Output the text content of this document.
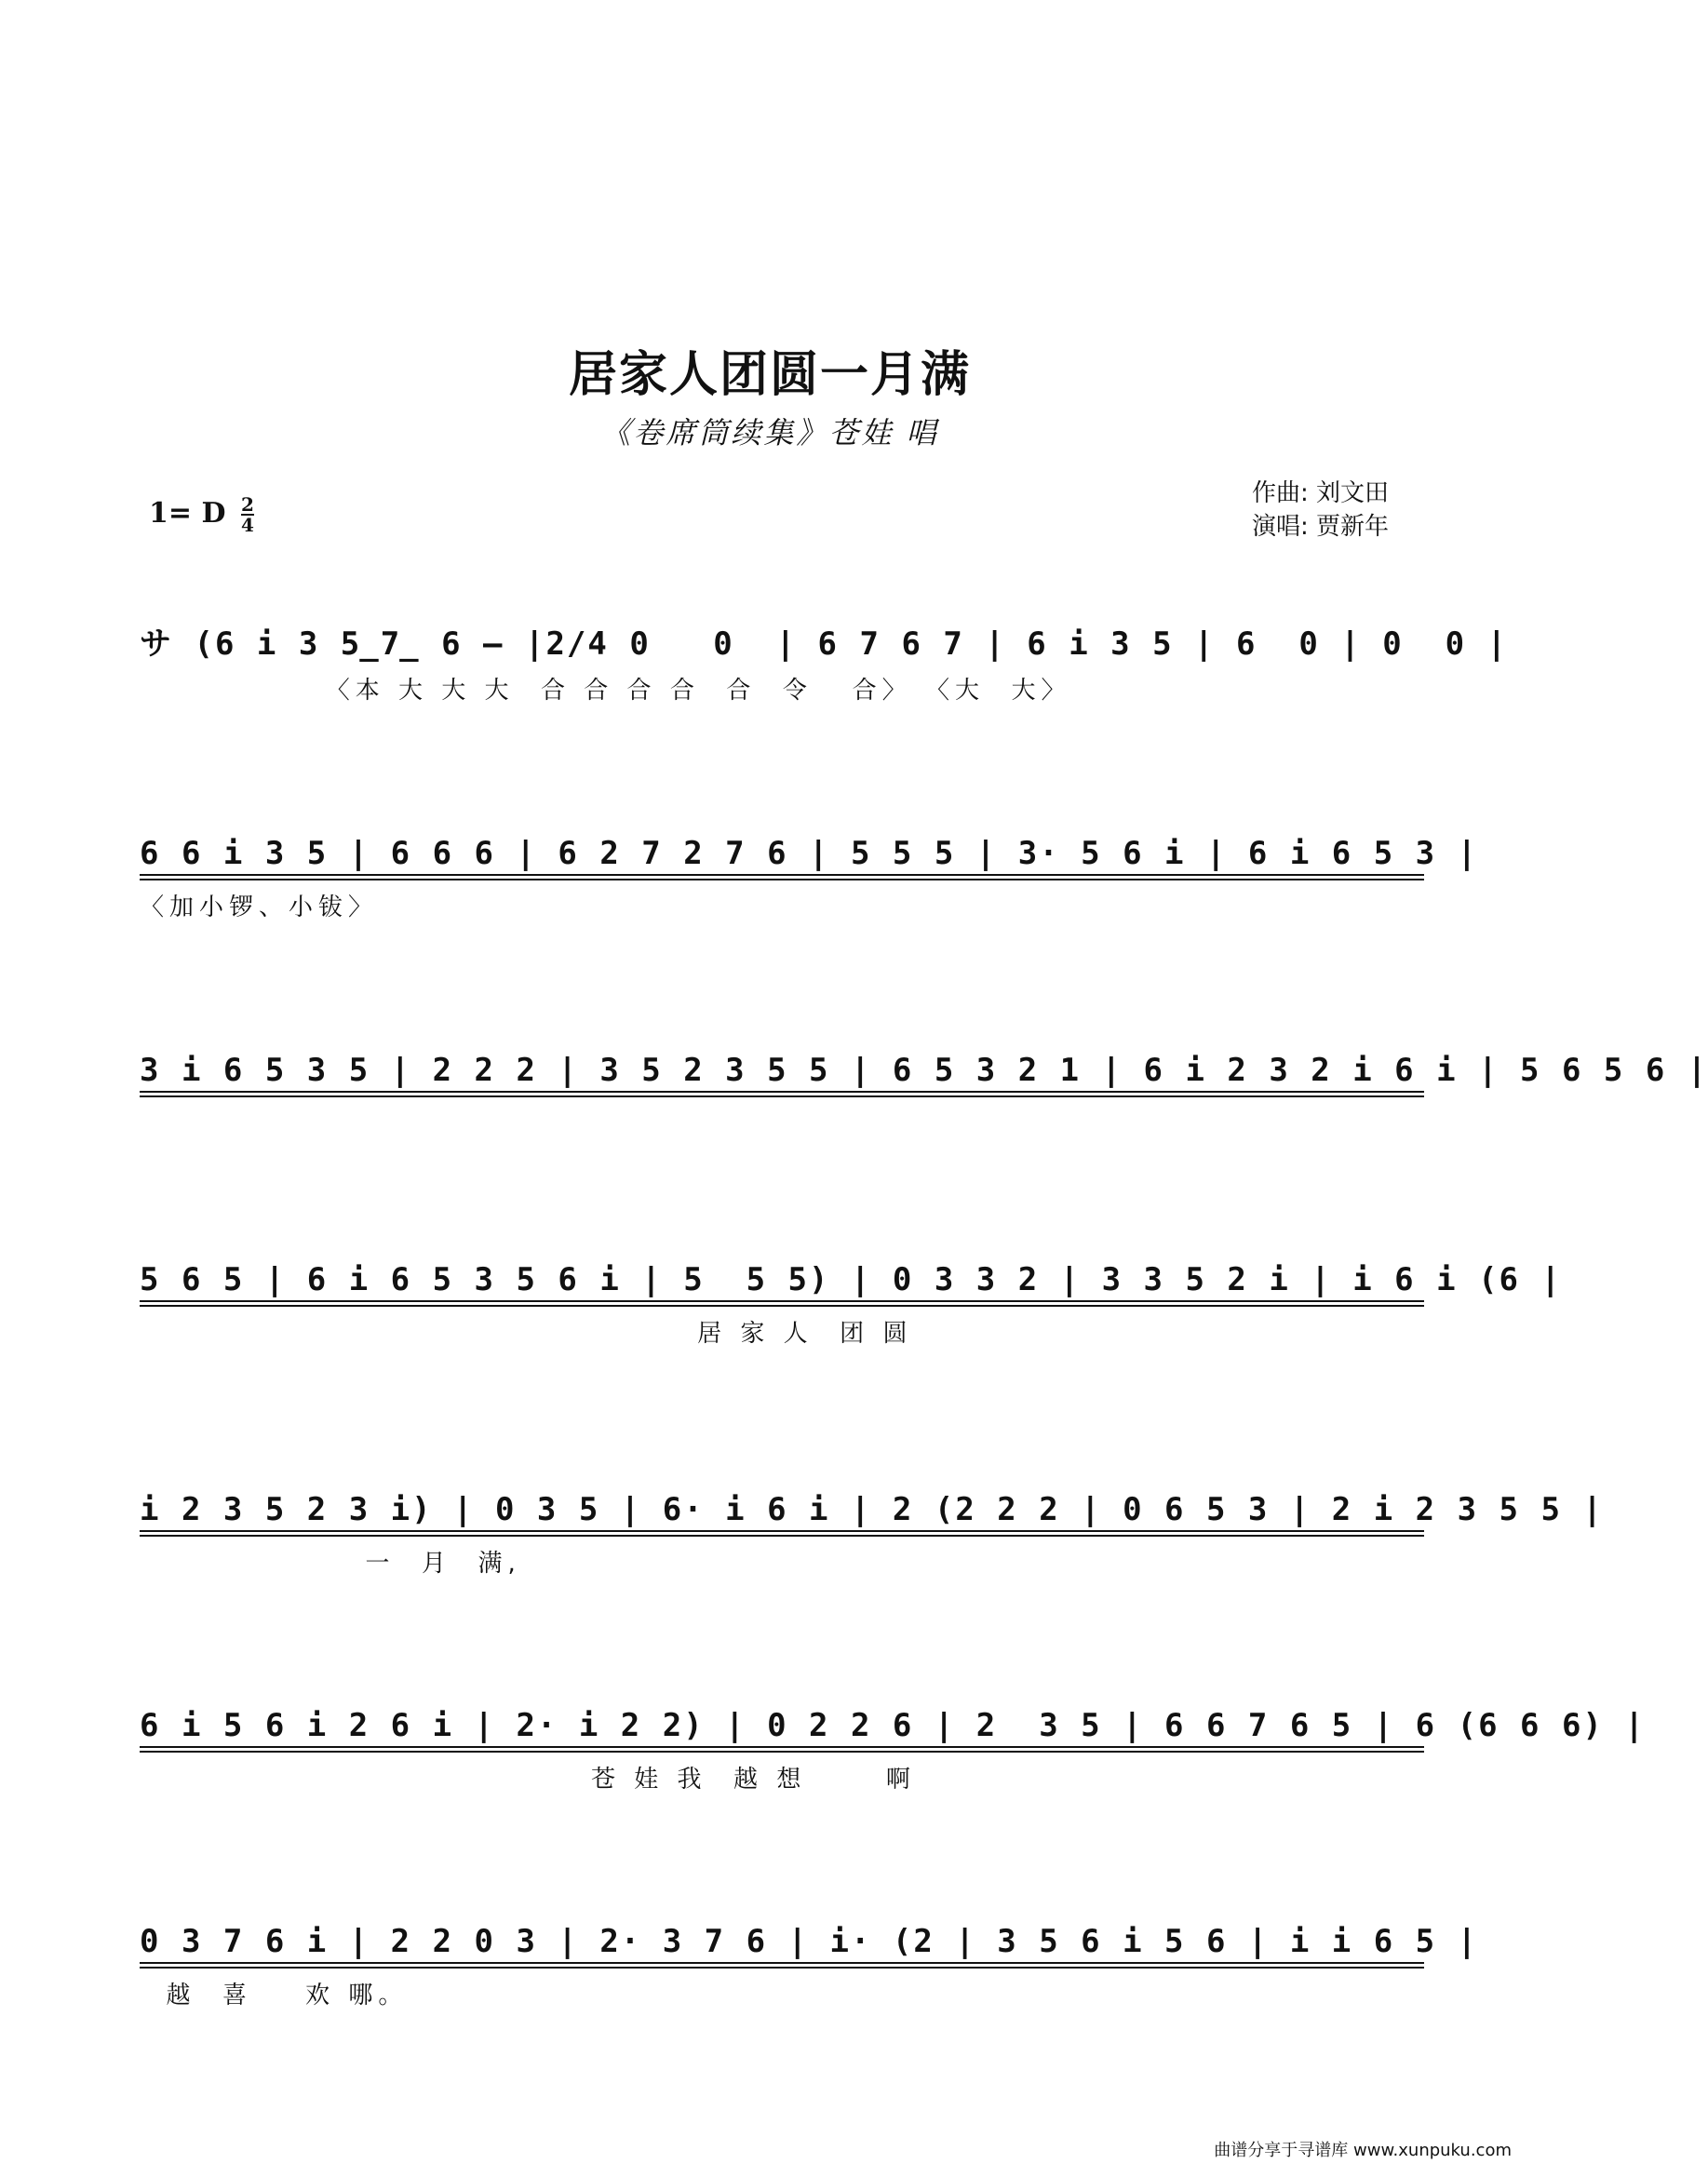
居家人团圆一月满
《卷席筒续集》苍娃 唱
1= D $\frac{2}{4}$
作曲: 刘文田
演唱: 贾新年
サ (6 i 3 5̲7̲ 6 – |2/4 0   0  | 6 7 6 7 | 6 i 3 5 | 6  0 | 0  0 |
〈本 大 大 大  合 合 合 合  合  令   合〉 〈大  大〉
6 6 i 3 5 | 6 6 6 | 6 2 7 2 7 6 | 5 5 5 | 3· 5 6 i | 6 i 6 5 3 |
〈加小锣、小钹〉
3 i 6 5 3 5 | 2 2 2 | 3 5 2 3 5 5 | 6 5 3 2 1 | 6 i 2 3 2 i 6 i | 5 6 5 6 |
5 6 5 | 6 i 6 5 3 5 6 i | 5  5 5) | 0 3 3 2 | 3 3 5 2 i | i 6 i (6 |
居 家 人  团 圆
i 2 3 5 2 3 i) | 0 3 5 | 6· i 6 i | 2 (2 2 2 | 0 6 5 3 | 2 i 2 3 5 5 |
一  月  满,
6 i 5 6 i 2 6 i | 2· i 2 2) | 0 2 2 6 | 2  3 5 | 6 6 7 6 5 | 6 (6 6 6) |
苍 娃 我  越 想      啊
0 3 7 6 i | 2 2 0 3 | 2· 3 7 6 | i· (2 | 3 5 6 i 5 6 | i i 6 5 |
越  喜    欢 哪。
曲谱分享于寻谱库 www.xunpuku.com
